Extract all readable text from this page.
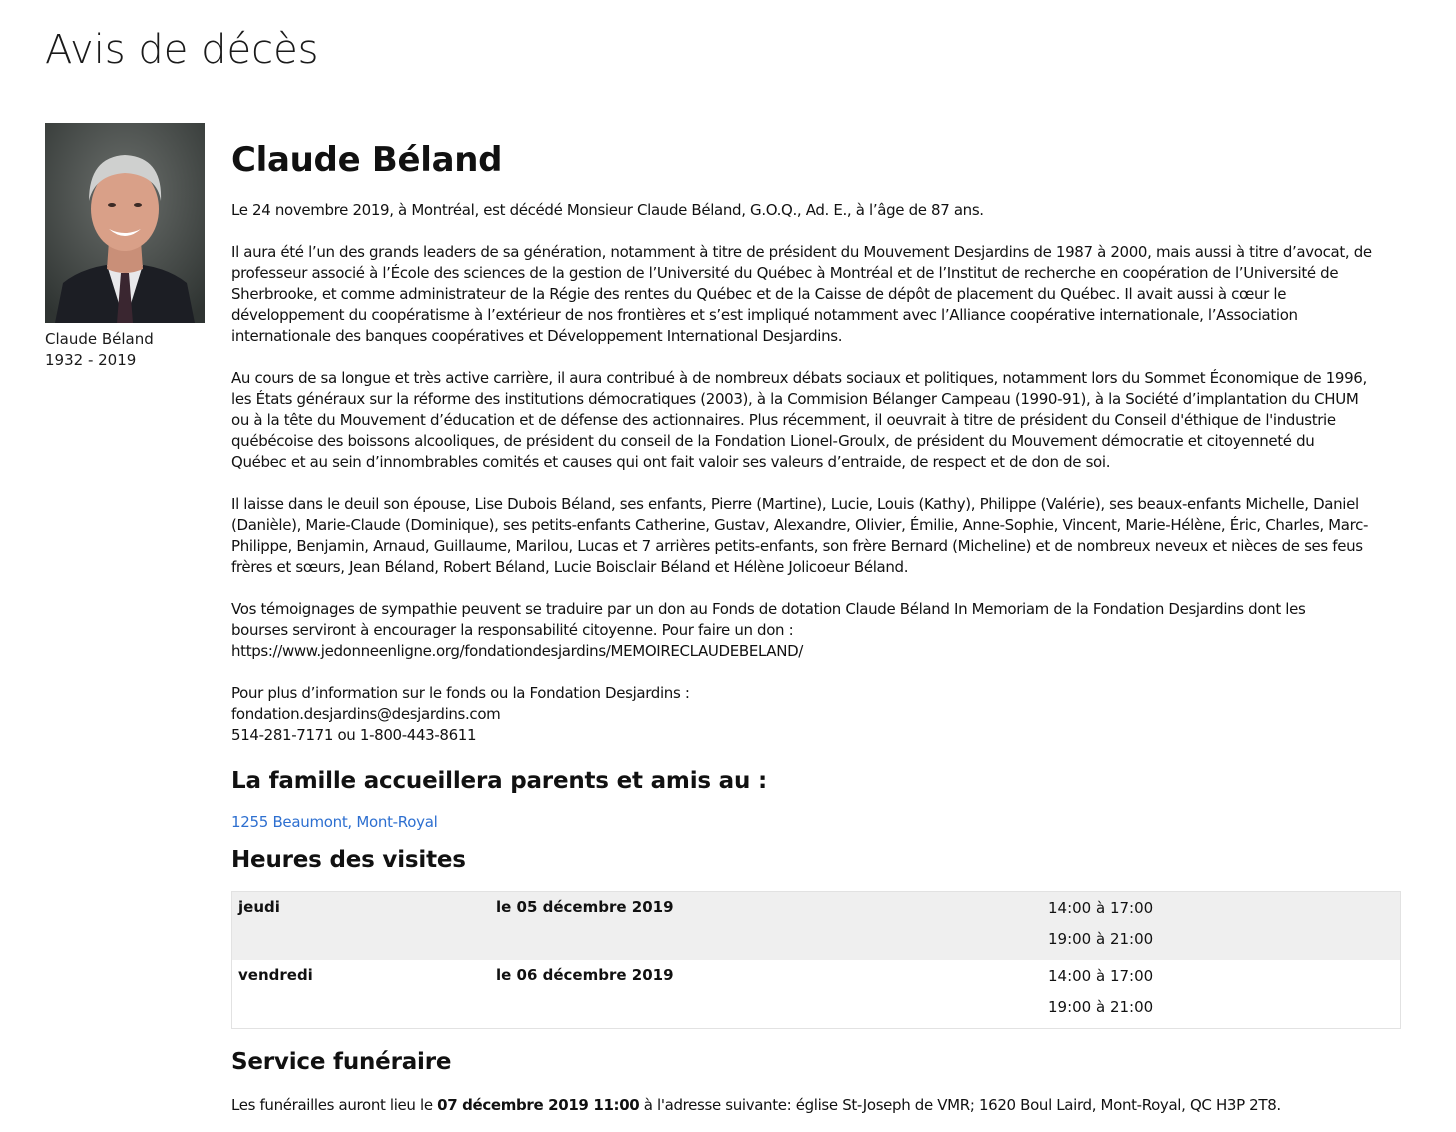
Avis de décès
Claude Béland
1932 - 2019
Claude Béland

Le 24 novembre 2019, à Montréal, est décédé Monsieur Claude Béland, G.O.Q., Ad. E., à l’âge de 87 ans.

Il aura été l’un des grands leaders de sa génération, notamment à titre de président du Mouvement Desjardins de 1987 à 2000, mais aussi à titre d’avocat, de
professeur associé à l’École des sciences de la gestion de l’Université du Québec à Montréal et de l’Institut de recherche en coopération de l’Université de
Sherbrooke, et comme administrateur de la Régie des rentes du Québec et de la Caisse de dépôt de placement du Québec. Il avait aussi à cœur le
développement du coopératisme à l’extérieur de nos frontières et s’est impliqué notamment avec l’Alliance coopérative internationale, l’Association
internationale des banques coopératives et Développement International Desjardins.

Au cours de sa longue et très active carrière, il aura contribué à de nombreux débats sociaux et politiques, notamment lors du Sommet Économique de 1996,
les États généraux sur la réforme des institutions démocratiques (2003), à la Commision Bélanger Campeau (1990-91), à la Société d’implantation du CHUM
ou à la tête du Mouvement d’éducation et de défense des actionnaires. Plus récemment, il oeuvrait à titre de président du Conseil d'éthique de l'industrie
québécoise des boissons alcooliques, de président du conseil de la Fondation Lionel-Groulx, de président du Mouvement démocratie et citoyenneté du
Québec et au sein d’innombrables comités et causes qui ont fait valoir ses valeurs d’entraide, de respect et de don de soi.

Il laisse dans le deuil son épouse, Lise Dubois Béland, ses enfants, Pierre (Martine), Lucie, Louis (Kathy), Philippe (Valérie), ses beaux-enfants Michelle, Daniel
(Danièle), Marie-Claude (Dominique), ses petits-enfants Catherine, Gustav, Alexandre, Olivier, Émilie, Anne-Sophie, Vincent, Marie-Hélène, Éric, Charles, Marc-
Philippe, Benjamin, Arnaud, Guillaume, Marilou, Lucas et 7 arrières petits-enfants, son frère Bernard (Micheline) et de nombreux neveux et nièces de ses feus
frères et sœurs, Jean Béland, Robert Béland, Lucie Boisclair Béland et Hélène Jolicoeur Béland.

Vos témoignages de sympathie peuvent se traduire par un don au Fonds de dotation Claude Béland In Memoriam de la Fondation Desjardins dont les
bourses serviront à encourager la responsabilité citoyenne. Pour faire un don :
https://www.jedonneenligne.org/fondationdesjardins/MEMOIRECLAUDEBELAND/

Pour plus d’information sur le fonds ou la Fondation Desjardins :
fondation.desjardins@desjardins.com
514-281-7171 ou 1-800-443-8611

La famille accueillera parents et amis au :
1255 Beaumont, Mont-Royal
Heures des visites
jeudi	le 05 décembre 2019	14:00 à 17:00
19:00 à 21:00

vendredi	le 06 décembre 2019	14:00 à 17:00
19:00 à 21:00
Service funéraire

Les funérailles auront lieu le 07 décembre 2019 11:00 à l'adresse suivante: église St-Joseph de VMR; 1620 Boul Laird, Mont-Royal, QC H3P 2T8.
